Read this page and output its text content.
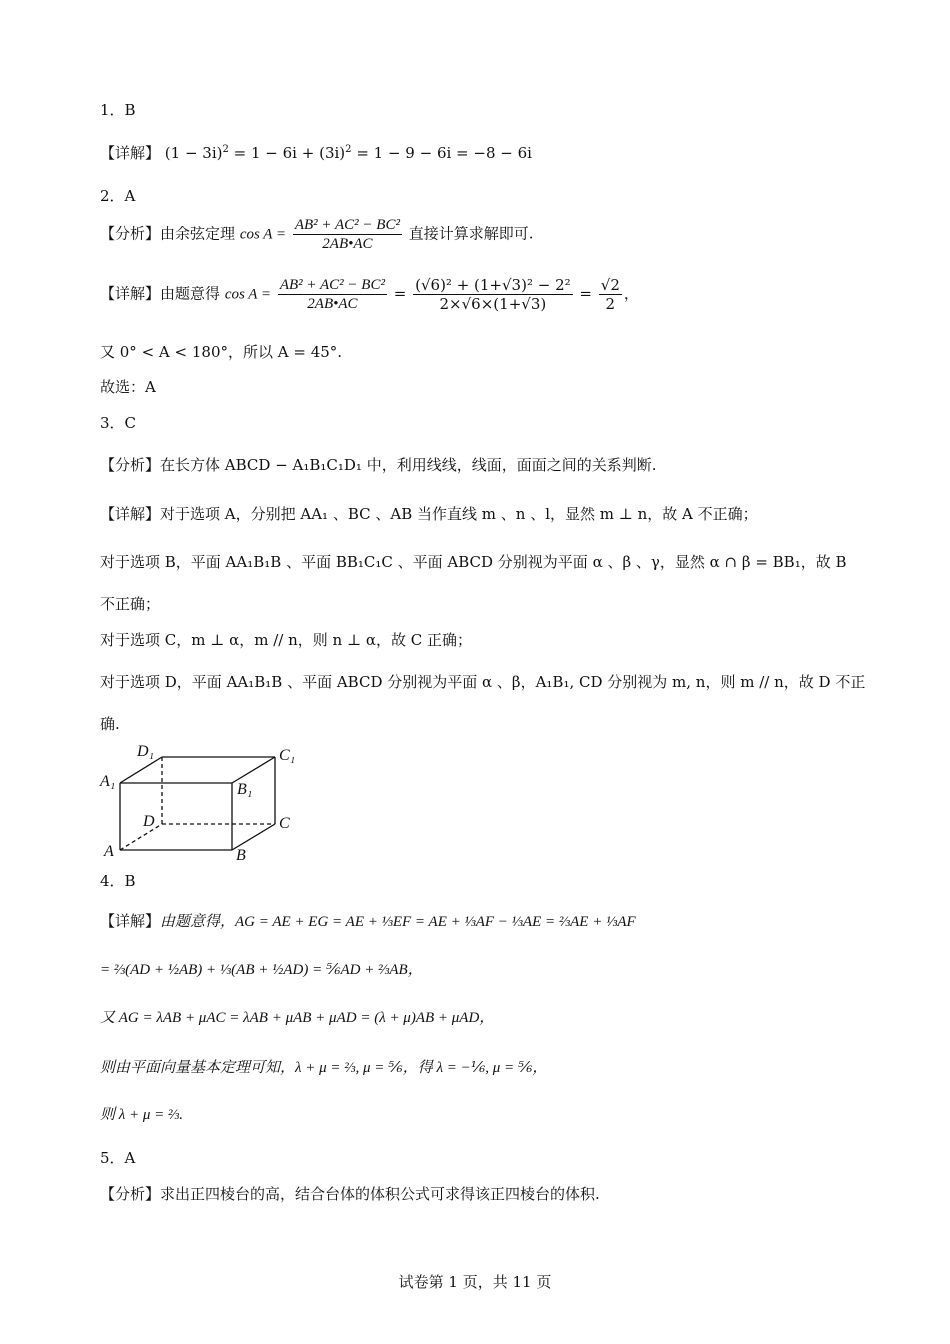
1．B
【详解】 $(1 - 3i)^2 = 1 - 6i + (3i)^2 = 1 - 9 - 6i = -8 - 6i$
2．A
【分析】由余弦定理 $\cos A = \frac{\text{AB² + AC² − BC²}}{2AB•AC}$ 直接计算求解即可.
【详解】由题意得 $\cos A = \frac{\text{AB² + AC² − BC²}}{2AB•AC} = \frac{\text{(√6)² + (1+√3)² − 2²}}{2\times√6\times(1+√3)} = \frac{√2}{2}$ ，
又 0° < A < 180°，所以 A = 45°.
故选：A
3．C
【分析】在长方体 ABCD − A₁B₁C₁D₁ 中，利用线线，线面，面面之间的关系判断.
【详解】对于选项 A，分别把 AA₁ 、BC 、AB 当作直线 m 、n 、l，显然 m ⊥ n，故 A 不正确；
对于选项 B，平面 AA₁B₁B 、平面 BB₁C₁C 、平面 ABCD 分别视为平面 α 、β 、γ，显然 α ∩ β = BB₁，故 B
不正确；
对于选项 C，m ⊥ α，m // n，则 n ⊥ α，故 C 正确；
对于选项 D，平面 AA₁B₁B 、平面 ABCD 分别视为平面 α 、β，A₁B₁, CD 分别视为 m, n，则 m // n，故 D 不正
确.
D₁	C₁
A₁	B₁
D	C
A	B
4．B
【详解】由题意得，AG = AE + EG = AE + ⅓EF = AE + ⅓AF − ⅓AE = ⅔AE + ⅓AF
= ⅔(AD + ½AB) + ⅓(AB + ½AD) = ⅚AD + ⅔AB，
又 AG = λAB + μAC = λAB + μAB + μAD = (λ + μ)AB + μAD，
则由平面向量基本定理可知，λ + μ = ⅔, μ = ⅚，得 λ = −⅙, μ = ⅚，
则 λ + μ = ⅔.
5．A
【分析】求出正四棱台的高，结合台体的体积公式可求得该正四棱台的体积.
试卷第 1 页，共 11 页
